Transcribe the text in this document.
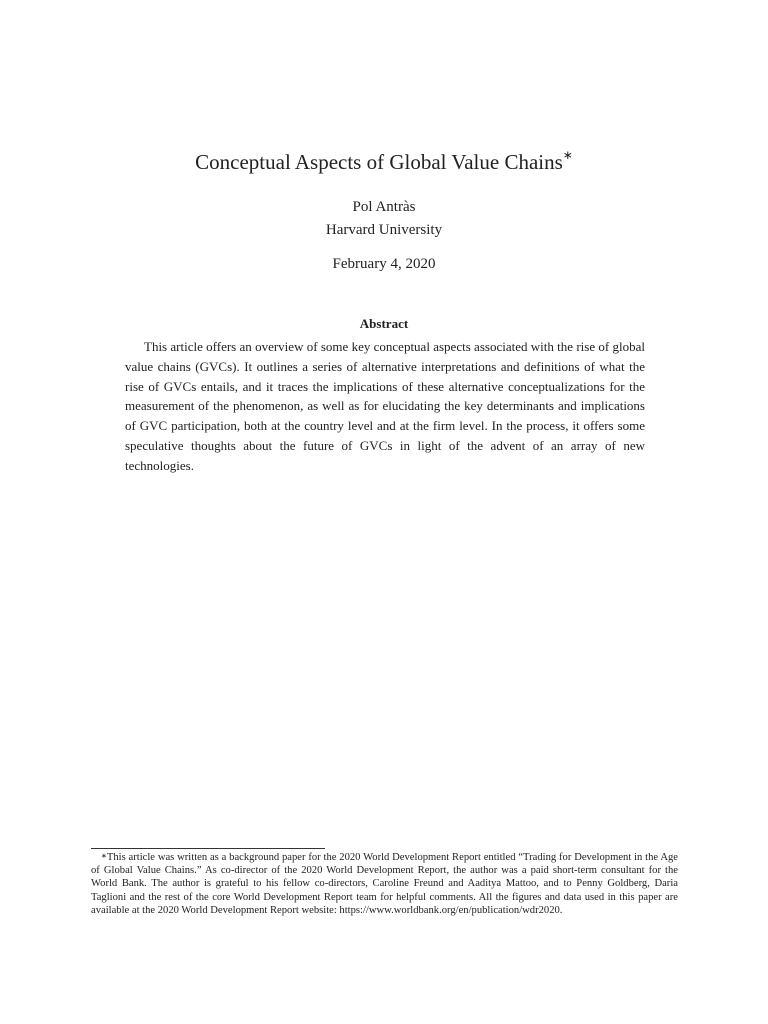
Conceptual Aspects of Global Value Chains∗

Pol Antràs

Harvard University

February 4, 2020

Abstract

This article offers an overview of some key conceptual aspects associated with the rise of global value chains (GVCs). It outlines a series of alternative interpretations and definitions of what the rise of GVCs entails, and it traces the implications of these alternative conceptualizations for the measurement of the phenomenon, as well as for elucidating the key determinants and implications of GVC participation, both at the country level and at the firm level. In the process, it offers some speculative thoughts about the future of GVCs in light of the advent of an array of new technologies.

∗This article was written as a background paper for the 2020 World Development Report entitled “Trading for Development in the Age of Global Value Chains.” As co-director of the 2020 World Development Report, the author was a paid short-term consultant for the World Bank. The author is grateful to his fellow co-directors, Caroline Freund and Aaditya Mattoo, and to Penny Goldberg, Daria Taglioni and the rest of the core World Development Report team for helpful comments. All the figures and data used in this paper are available at the 2020 World Development Report website: https://www.worldbank.org/en/publication/wdr2020.
